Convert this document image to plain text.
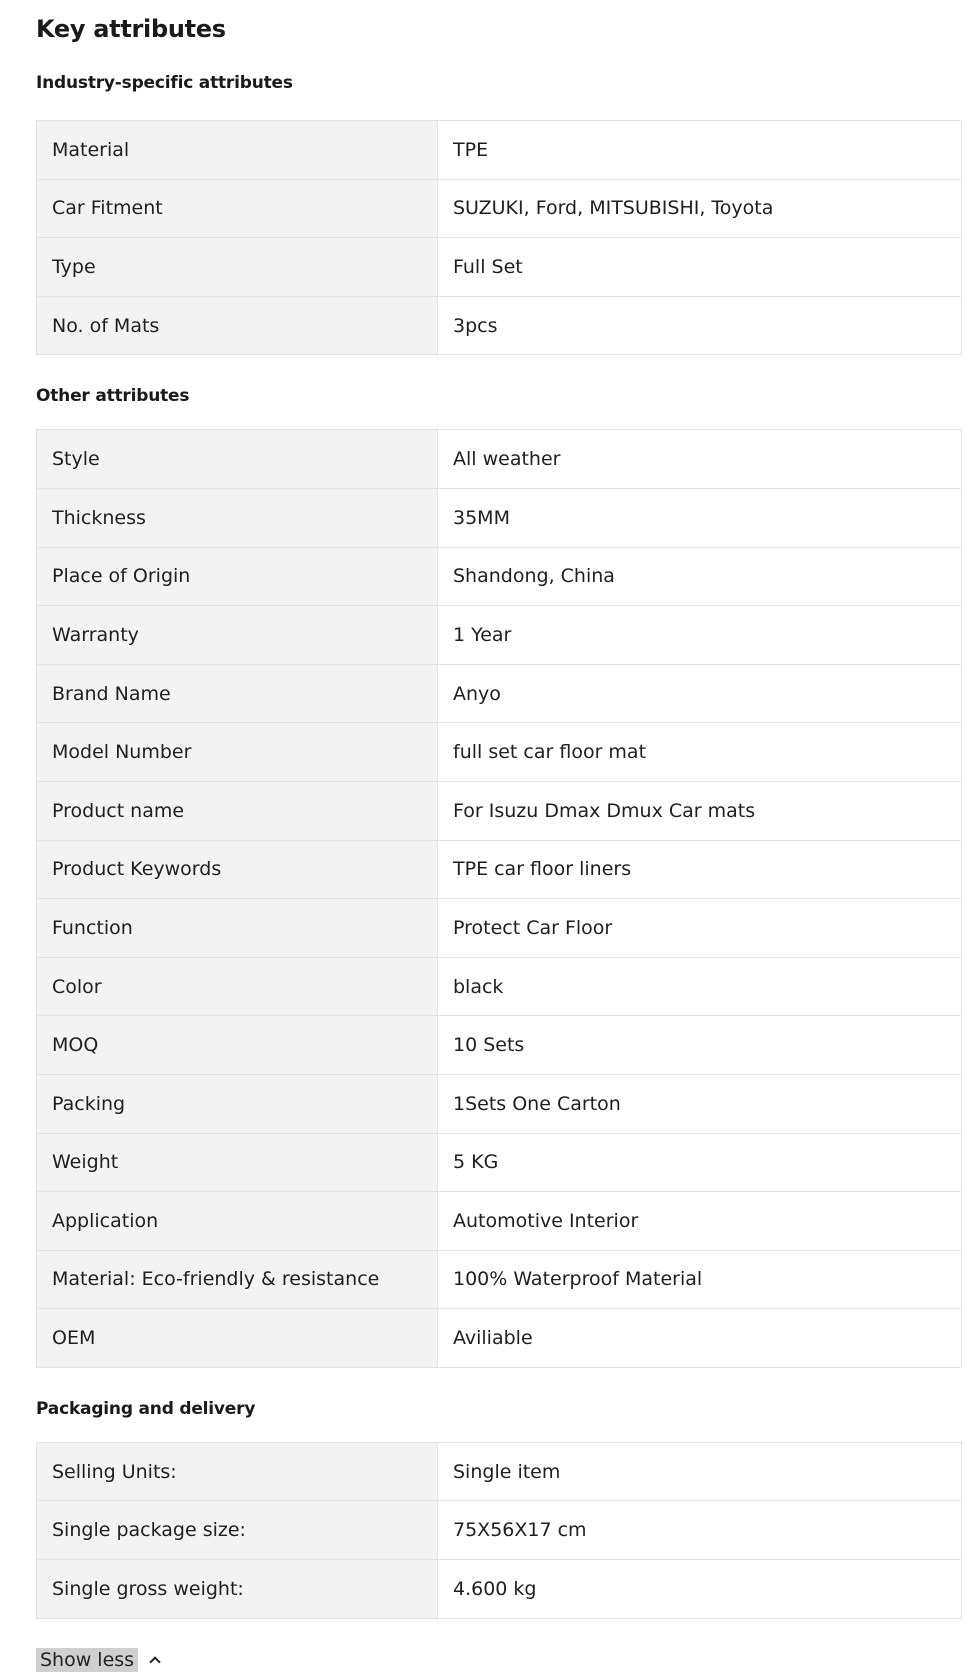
Key attributes
Industry-specific attributes
Material	TPE
Car Fitment	SUZUKI, Ford, MITSUBISHI, Toyota
Type	Full Set
No. of Mats	3pcs
Other attributes
Style	All weather
Thickness	35MM
Place of Origin	Shandong, China
Warranty	1 Year
Brand Name	Anyo
Model Number	full set car floor mat
Product name	For Isuzu Dmax Dmux Car mats
Product Keywords	TPE car floor liners
Function	Protect Car Floor
Color	black
MOQ	10 Sets
Packing	1Sets One Carton
Weight	5 KG
Application	Automotive Interior
Material: Eco-friendly & resistance	100% Waterproof Material
OEM	Aviliable
Packaging and delivery
Selling Units:	Single item
Single package size:	75X56X17 cm
Single gross weight:	4.600 kg
Show less
